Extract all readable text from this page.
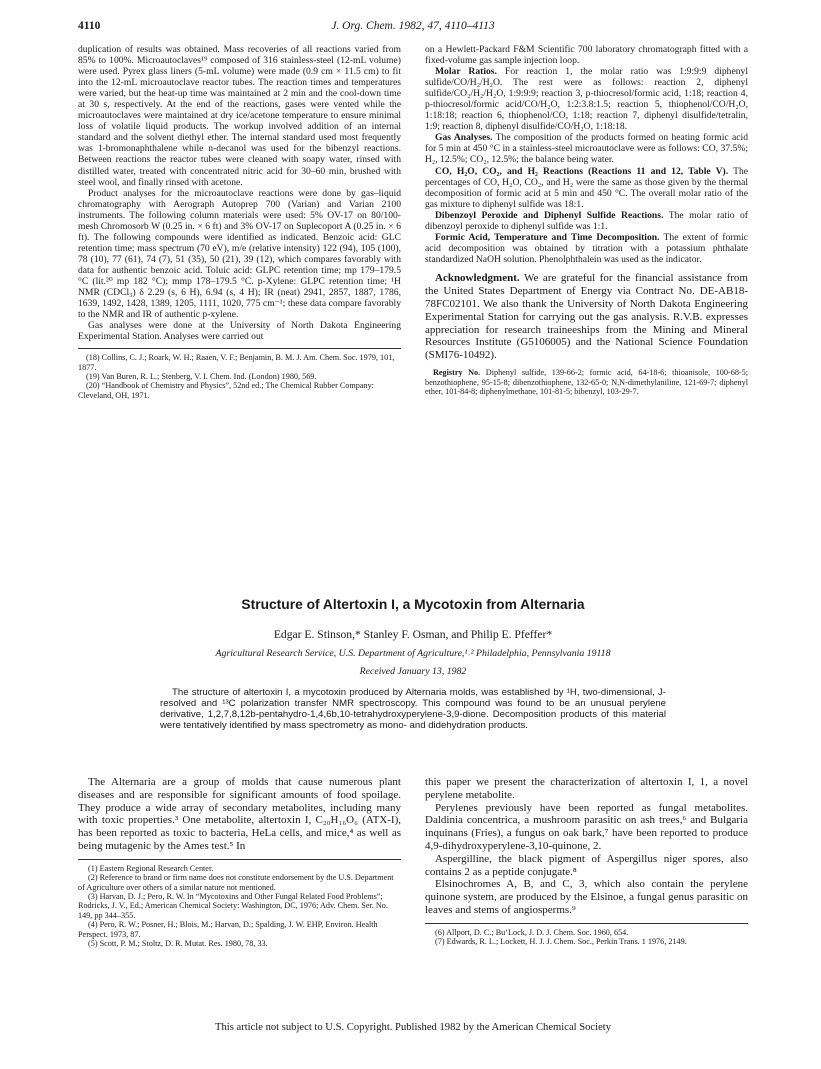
4110	J. Org. Chem. 1982, 47, 4110–4113

duplication of results was obtained. Mass recoveries of all reactions varied from 85% to 100%. Microautoclaves¹⁹ composed of 316 stainless-steel (12-mL volume) were used. Pyrex glass liners (5-mL volume) were made (0.9 cm × 11.5 cm) to fit into the 12-mL microautoclave reactor tubes. The reaction times and temperatures were varied, but the heat-up time was maintained at 2 min and the cool-down time at 30 s, respectively. At the end of the reactions, gases were vented while the microautoclaves were maintained at dry ice/acetone temperature to ensure minimal loss of volatile liquid products. The workup involved addition of an internal standard and the solvent diethyl ether. The internal standard used most frequently was 1-bromonaphthalene while n-decanol was used for the bibenzyl reactions. Between reactions the reactor tubes were cleaned with soapy water, rinsed with distilled water, treated with concentrated nitric acid for 30–60 min, brushed with steel wool, and finally rinsed with acetone.

Product analyses for the microautoclave reactions were done by gas–liquid chromatography with Aerograph Autoprep 700 (Varian) and Varian 2100 instruments. The following column materials were used: 5% OV-17 on 80/100-mesh Chromosorb W (0.25 in. × 6 ft) and 3% OV-17 on Suplecoport A (0.25 in. × 6 ft). The following compounds were identified as indicated. Benzoic acid: GLC retention time; mass spectrum (70 eV), m/e (relative intensity) 122 (94), 105 (100), 78 (10), 77 (61), 74 (7), 51 (35), 50 (21), 39 (12), which compares favorably with data for authentic benzoic acid. Toluic acid: GLPC retention time; mp 179–179.5 °C (lit.²⁰ mp 182 °C); mmp 178–179.5 °C. p-Xylene: GLPC retention time; ¹H NMR (CDCl₃) δ 2.29 (s, 6 H), 6.94 (s, 4 H); IR (neat) 2941, 2857, 1887, 1786, 1639, 1492, 1428, 1389, 1205, 1111, 1020, 775 cm⁻¹; these data compare favorably to the NMR and IR of authentic p-xylene.

Gas analyses were done at the University of North Dakota Engineering Experimental Station. Analyses were carried out

(18) Collins, C. J.; Roark, W. H.; Raaen, V. F.; Benjamin, B. M. J. Am. Chem. Soc. 1979, 101, 1877.

(19) Van Buren, R. L.; Stenberg, V. I. Chem. Ind. (London) 1980, 569.

(20) “Handbook of Chemistry and Physics”, 52nd ed.; The Chemical Rubber Company: Cleveland, OH, 1971.

on a Hewlett-Packard F&M Scientific 700 laboratory chromatograph fitted with a fixed-volume gas sample injection loop.

Molar Ratios. For reaction 1, the molar ratio was 1:9:9:9 diphenyl sulfide/CO/H₂/H₂O. The rest were as follows: reaction 2, diphenyl sulfide/CO₂/H₂/H₂O, 1:9:9:9; reaction 3, p-thiocresol/formic acid, 1:18; reaction 4, p-thiocresol/formic acid/CO/H₂O, 1:2:3.8:1.5; reaction 5, thiophenol/CO/H₂O, 1:18:18; reaction 6, thiophenol/CO, 1:18; reaction 7, diphenyl disulfide/tetralin, 1:9; reaction 8, diphenyl disulfide/CO/H₂O, 1:18:18.

Gas Analyses. The composition of the products formed on heating formic acid for 5 min at 450 °C in a stainless-steel microautoclave were as follows: CO, 37.5%; H₂, 12.5%; CO₂, 12.5%; the balance being water.

CO, H₂O, CO₂, and H₂ Reactions (Reactions 11 and 12, Table V). The percentages of CO, H₂O, CO₂, and H₂ were the same as those given by the thermal decomposition of formic acid at 5 min and 450 °C. The overall molar ratio of the gas mixture to diphenyl sulfide was 18:1.

Dibenzoyl Peroxide and Diphenyl Sulfide Reactions. The molar ratio of dibenzoyl peroxide to diphenyl sulfide was 1:1.

Formic Acid, Temperature and Time Decomposition. The extent of formic acid decomposition was obtained by titration with a potassium phthalate standardized NaOH solution. Phenolphthalein was used as the indicator.

Acknowledgment. We are grateful for the financial assistance from the United States Department of Energy via Contract No. DE-AB18-78FC02101. We also thank the University of North Dakota Engineering Experimental Station for carrying out the gas analysis. R.V.B. expresses appreciation for research traineeships from the Mining and Mineral Resources Institute (G5106005) and the National Science Foundation (SMI76-10492).

Registry No. Diphenyl sulfide, 139-66-2; formic acid, 64-18-6; thioanisole, 100-68-5; benzothiophene, 95-15-8; dibenzothiophene, 132-65-0; N,N-dimethylaniline, 121-69-7; diphenyl ether, 101-84-8; diphenylmethane, 101-81-5; bibenzyl, 103-29-7.

Structure of Altertoxin I, a Mycotoxin from Alternaria
Edgar E. Stinson,* Stanley F. Osman, and Philip E. Pfeffer*
Agricultural Research Service, U.S. Department of Agriculture,¹˒² Philadelphia, Pennsylvania 19118
Received January 13, 1982

The structure of altertoxin I, a mycotoxin produced by Alternaria molds, was established by ¹H, two-dimensional, J-resolved and ¹³C polarization transfer NMR spectroscopy. This compound was found to be an unusual perylene derivative, 1,2,7,8,12b-pentahydro-1,4,6b,10-tetrahydroxyperylene-3,9-dione. Decomposition products of this material were tentatively identified by mass spectrometry as mono- and didehydration products.

The Alternaria are a group of molds that cause numerous plant diseases and are responsible for significant amounts of food spoilage. They produce a wide array of secondary metabolites, including many with toxic properties.³ One metabolite, altertoxin I, C₂₀H₁₆O₆ (ATX-I), has been reported as toxic to bacteria, HeLa cells, and mice,⁴ as well as being mutagenic by the Ames test.⁵ In

(1) Eastern Regional Research Center.

(2) Reference to brand or firm name does not constitute endorsement by the U.S. Department of Agriculture over others of a similar nature not mentioned.

(3) Harvan, D. J.; Pero, R. W. In “Mycotoxins and Other Fungal Related Food Problems”; Rodricks, J. V., Ed.; American Chemical Society: Washington, DC, 1976; Adv. Chem. Ser. No. 149, pp 344–355.

(4) Pero, R. W.; Posner, H.; Blois, M.; Harvan, D.; Spalding, J. W. EHP, Environ. Health Perspect. 1973, 87.

(5) Scott, P. M.; Stoltz, D. R. Mutat. Res. 1980, 78, 33.

this paper we present the characterization of altertoxin I, 1, a novel perylene metabolite.

Perylenes previously have been reported as fungal metabolites. Daldinia concentrica, a mushroom parasitic on ash trees,⁶ and Bulgaria inquinans (Fries), a fungus on oak bark,⁷ have been reported to produce 4,9-dihydroxyperylene-3,10-quinone, 2.

Aspergilline, the black pigment of Aspergillus niger spores, also contains 2 as a peptide conjugate.⁸

Elsinochromes A, B, and C, 3, which also contain the perylene quinone system, are produced by the Elsinoe, a fungal genus parasitic on leaves and stems of angiosperms.⁹

(6) Allport, D. C.; Bu’Lock, J. D. J. Chem. Soc. 1960, 654.

(7) Edwards, R. L.; Lockett, H. J. J. Chem. Soc., Perkin Trans. 1 1976, 2149.

This article not subject to U.S. Copyright. Published 1982 by the American Chemical Society
